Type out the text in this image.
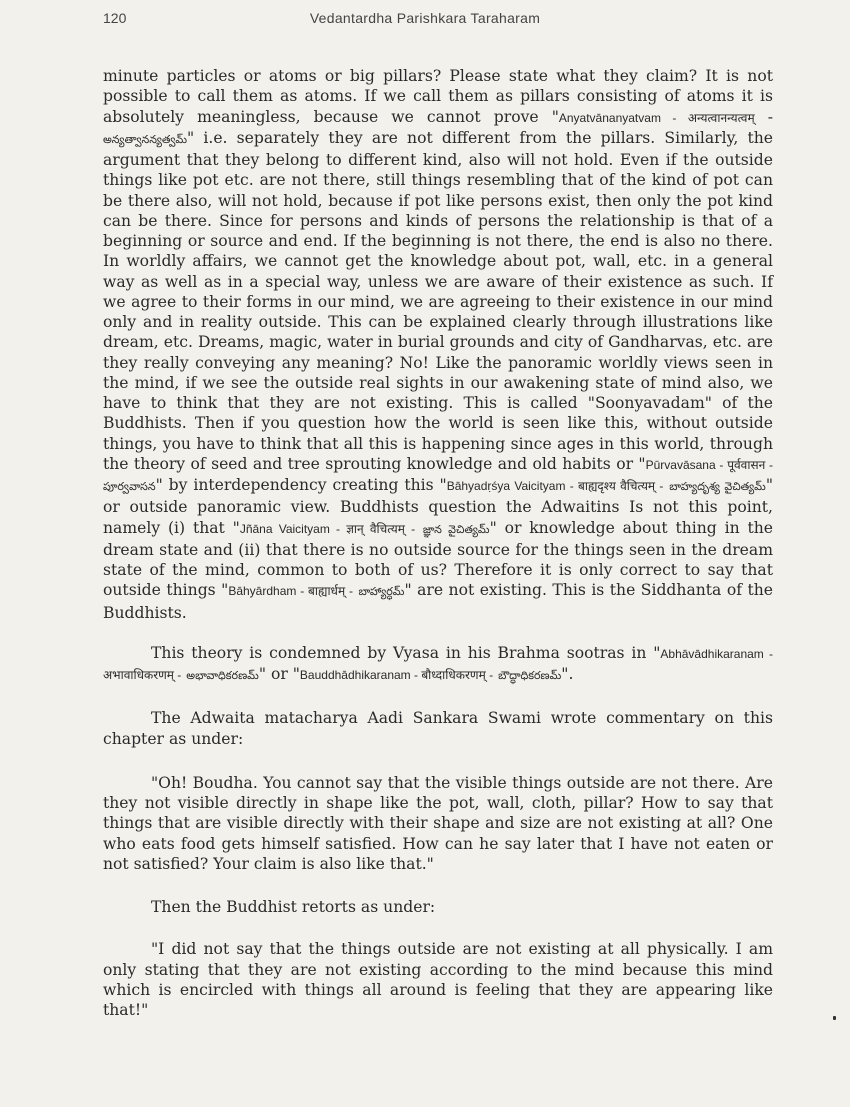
120	Vedantardha Parishkara Taraharam

minute particles or atoms or big pillars? Please state what they claim? It is not possible to call them as atoms. If we call them as pillars consisting of atoms it is absolutely meaningless, because we cannot prove "Anyatvānanyatvam - अन्यत्वानन्यत्वम् - అన్యత్వానన్యత్వమ్" i.e. separately they are not different from the pillars. Similarly, the argument that they belong to different kind, also will not hold. Even if the outside things like pot etc. are not there, still things resembling that of the kind of pot can be there also, will not hold, because if pot like persons exist, then only the pot kind can be there. Since for persons and kinds of persons the relationship is that of a beginning or source and end. If the beginning is not there, the end is also no there. In worldly affairs, we cannot get the knowledge about pot, wall, etc. in a general way as well as in a special way, unless we are aware of their existence as such. If we agree to their forms in our mind, we are agreeing to their existence in our mind only and in reality outside. This can be explained clearly through illustrations like dream, etc. Dreams, magic, water in burial grounds and city of Gandharvas, etc. are they really conveying any meaning? No! Like the panoramic worldly views seen in the mind, if we see the outside real sights in our awakening state of mind also, we have to think that they are not existing. This is called "Soonyavadam" of the Buddhists. Then if you question how the world is seen like this, without outside things, you have to think that all this is happening since ages in this world, through the theory of seed and tree sprouting knowledge and old habits or "Pūrvavāsana - पूर्ववासन - పూర్వవాసన" by interdependency creating this "Bāhyadṛśya Vaicityam - बाह्यदृश्य वैचित्यम् - బాహ్యదృశ్య వైచిత్యమ్" or outside panoramic view. Buddhists question the Adwaitins Is not this point, namely (i) that "Jñāna Vaicityam - ज्ञान् वैचित्यम् - జ్ఞాన వైచిత్యమ్" or knowledge about thing in the dream state and (ii) that there is no outside source for the things seen in the dream state of the mind, common to both of us? Therefore it is only correct to say that outside things "Bāhyārdham - बाह्यार्धम् - బాహ్యార్ధమ్" are not existing. This is the Siddhanta of the Buddhists.

This theory is condemned by Vyasa in his Brahma sootras in "Abhāvādhikaranam - अभावाधिकरणम् - అభావాధికరణమ్" or "Bauddhādhikaranam - बौध्दाधिकरणम् - బౌద్ధాధికరణమ్".

The Adwaita matacharya Aadi Sankara Swami wrote commentary on this chapter as under:

"Oh! Boudha. You cannot say that the visible things outside are not there. Are they not visible directly in shape like the pot, wall, cloth, pillar? How to say that things that are visible directly with their shape and size are not existing at all? One who eats food gets himself satisfied. How can he say later that I have not eaten or not satisfied? Your claim is also like that."

Then the Buddhist retorts as under:

"I did not say that the things outside are not existing at all physically. I am only stating that they are not existing according to the mind because this mind which is encircled with things all around is feeling that they are appearing like that!"
